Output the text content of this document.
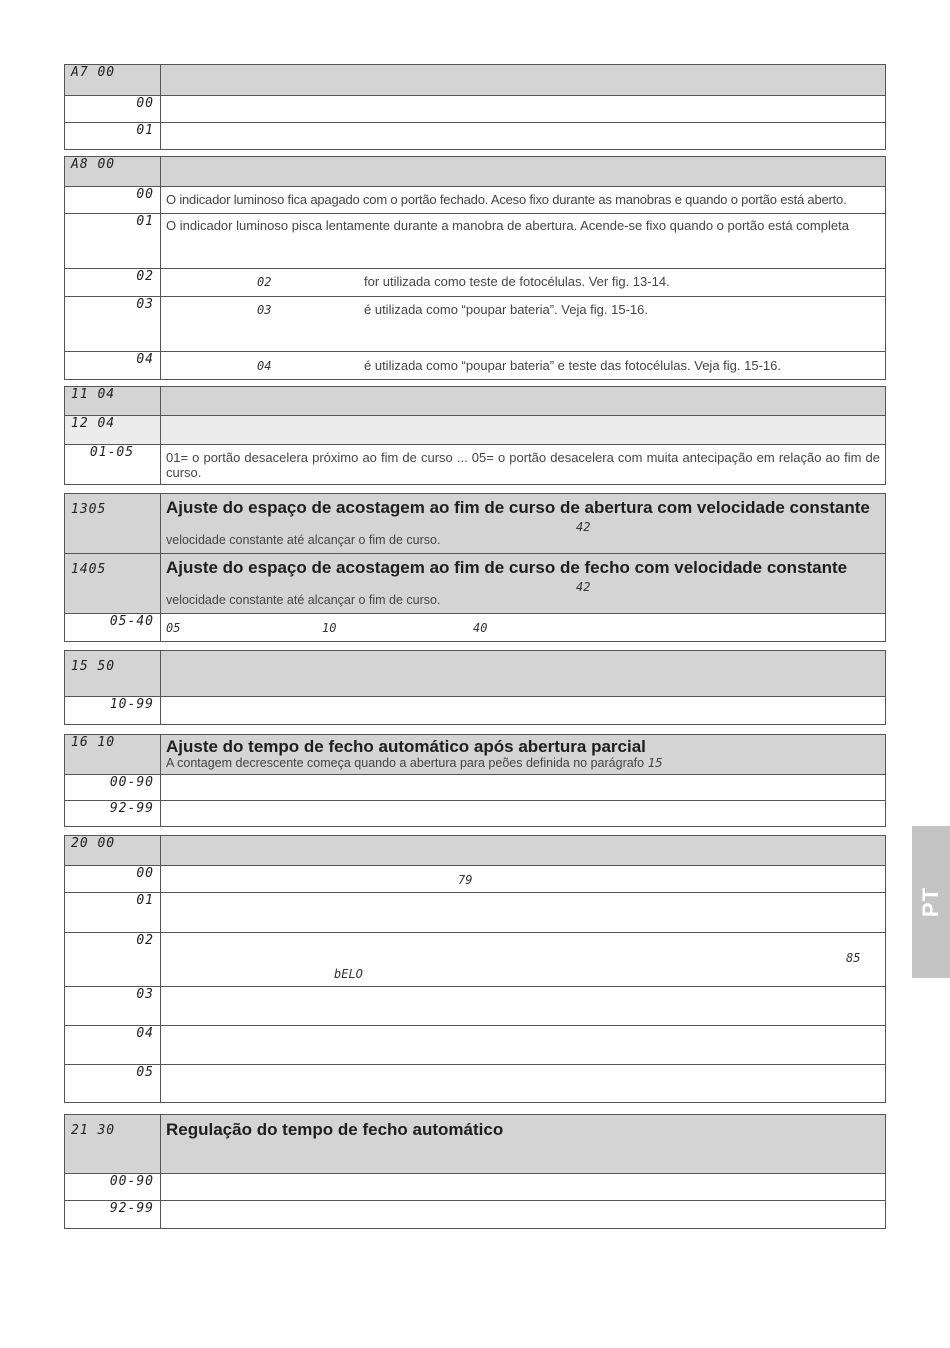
A7 00	
00	
01	
A8 00	
00	O indicador luminoso fica apagado com o portão fechado. Aceso fixo durante as manobras e quando o portão está aberto.
01	O indicador luminoso pisca lentamente durante a manobra de abertura. Acende-se fixo quando o portão está completa
02	02 for utilizada como teste de fotocélulas. Ver fig. 13-14.

03	03 é utilizada como “poupar bateria”. Veja fig. 15-16.

04	04 é utilizada como “poupar bateria” e teste das fotocélulas. Veja fig. 15-16.
11 04	
12 04	
01-05	01= o portão desacelera próximo ao fim de curso ... 05= o portão desacelera com muita antecipação em relação ao fim de curso.
1305	Ajuste do espaço de acostagem ao fim de curso de abertura com velocidade constante
42
velocidade constante até alcançar o fim de curso.

1405	Ajuste do espaço de acostagem ao fim de curso de fecho com velocidade constante
42
velocidade constante até alcançar o fim de curso.

05-40	05 10 40
15 50	
10-99	
16 10	Ajuste do tempo de fecho automático após abertura parcial
A contagem decrescente começa quando a abertura para peões definida no parágrafo 15

00-90	
92-99	
20 00	
00	79

01	
02	85
bELO

03	
04	
05	
21 30	Regulação do tempo de fecho automático

00-90	
92-99	
PT
